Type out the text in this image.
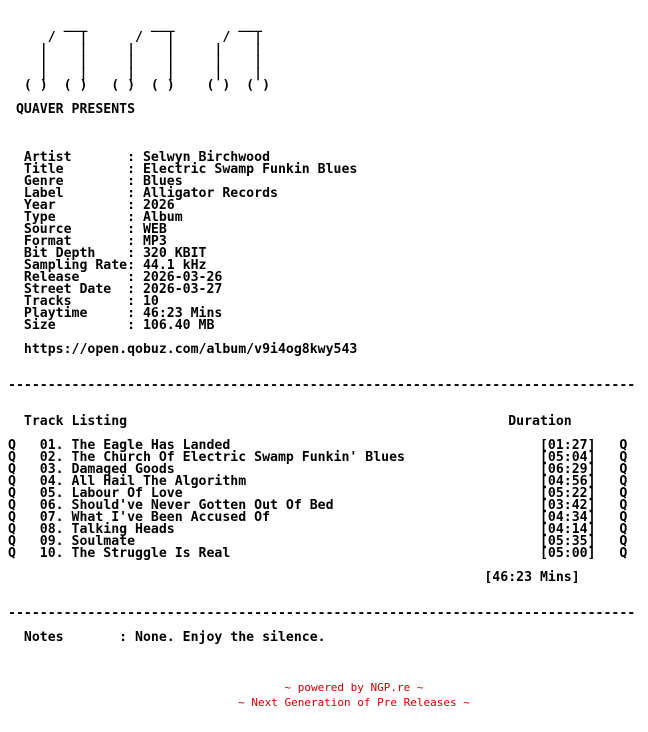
___        ___        ___
/   |      /   |      /   |
|    |     |    |     |    |
|    |     |    |     |    |
|    |     |    |     |    |
( )  ( )   ( )  ( )    ( )  ( )

QUAVER PRESENTS

Artist       : Selwyn Birchwood
Title        : Electric Swamp Funkin Blues
Genre        : Blues
Label        : Alligator Records
Year         : 2026
Type         : Album
Source       : WEB
Format       : MP3
Bit Depth    : 320 KBIT
Sampling Rate: 44.1 kHz
Release      : 2026-03-26
Street Date  : 2026-03-27
Tracks       : 10
Playtime     : 46:23 Mins
Size         : 106.40 MB

https://open.qobuz.com/album/v9i4og8kwy543

-------------------------------------------------------------------------------

Track Listing                                                Duration

Q   01. The Eagle Has Landed                                       [01:27]   Q
Q   02. The Church Of Electric Swamp Funkin' Blues                 [05:04]   Q
Q   03. Damaged Goods                                              [06:29]   Q
Q   04. All Hail The Algorithm                                     [04:56]   Q
Q   05. Labour Of Love                                             [05:22]   Q
Q   06. Should've Never Gotten Out Of Bed                          [03:42]   Q
Q   07. What I've Been Accused Of                                  [04:34]   Q
Q   08. Talking Heads                                              [04:14]   Q
Q   09. Soulmate                                                   [05:35]   Q
Q   10. The Struggle Is Real                                       [05:00]   Q

[46:23 Mins]

-------------------------------------------------------------------------------

Notes       : None. Enjoy the silence.
~ powered by NGP.re ~
~ Next Generation of Pre Releases ~
